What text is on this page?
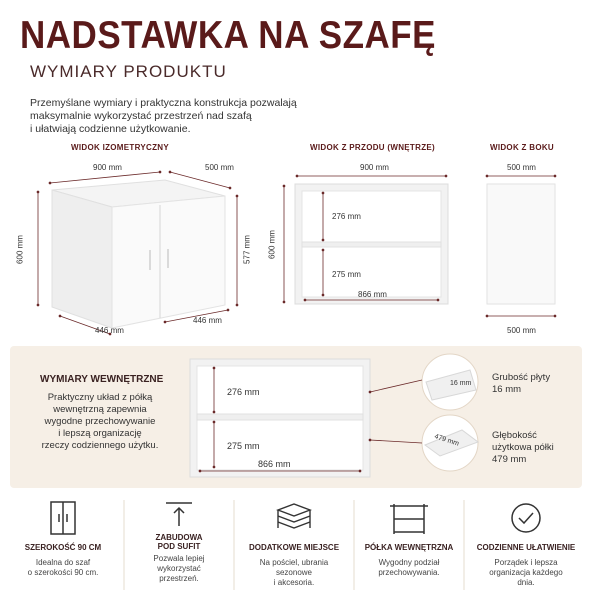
NADSTAWKA NA SZAFĘ
WYMIARY PRODUKTU
Przemyślane wymiary i praktyczna konstrukcja pozwalają
maksymalnie wykorzystać przestrzeń nad szafą
i ułatwiają codzienne użytkowanie.
WIDOK IZOMETRYCZNY
900 mm	500 mm
600 mm	577 mm
446 mm
446 mm
WIDOK Z PRZODU (WNĘTRZE)
900 mm
600 mm
276 mm
275 mm
866 mm
WIDOK Z BOKU
500 mm
500 mm
WYMIARY WEWNĘTRZNE
Praktyczny układ z półką
wewnętrzną zapewnia
wygodne przechowywanie
i lepszą organizację
rzeczy codziennego użytku.
276 mm
275 mm
866 mm
16 mm
479 mm
Grubość płyty
16 mm
Głębokość
użytkowa półki
479 mm
SZEROKOŚĆ 90 CM
Idealna do szaf
o szerokości 90 cm.
ZABUDOWA
POD SUFIT
Pozwala lepiej
wykorzystać
przestrzeń.
DODATKOWE MIEJSCE
Na pościel, ubrania
sezonowe
i akcesoria.
PÓŁKA WEWNĘTRZNA
Wygodny podział
przechowywania.
CODZIENNE UŁATWIENIE
Porządek i lepsza
organizacja każdego
dnia.
